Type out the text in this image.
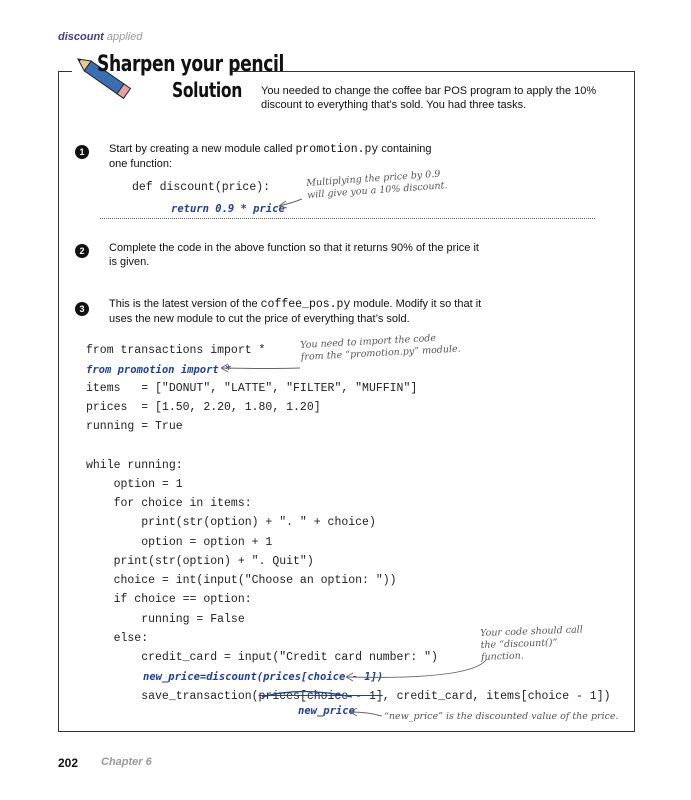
discount applied
Sharpen your pencil
Solution You needed to change the coffee bar POS program to apply the 10% discount to everything that’s sold. You had three tasks.
1	Start by creating a new module called promotion.py containing one function:
def discount(price):
return 0.9 * price
Multiplying the price by 0.9 will give you a 10% discount.
2	Complete the code in the above function so that it returns 90% of the price it is given.
3	This is the latest version of the coffee_pos.py module. Modify it so that it uses the new module to cut the price of everything that’s sold.
from transactions import *
from promotion import *
items   = ["DONUT", "LATTE", "FILTER", "MUFFIN"]
prices  = [1.50, 2.20, 1.80, 1.20]
running = True
while running:
option = 1
for choice in items:
print(str(option) + ". " + choice)
option = option + 1
print(str(option) + ". Quit")
choice = int(input("Choose an option: "))
if choice == option:
running = False
else:
credit_card = input("Credit card number: ")
new_price=discount(prices[choice - 1])
save_transaction(prices[choice - 1], credit_card, items[choice - 1])
new_price
You need to import the code from the “promotion.py” module.
Your code should call the “discount()” function.
“new_price” is the discounted value of the price.
202 Chapter 6
